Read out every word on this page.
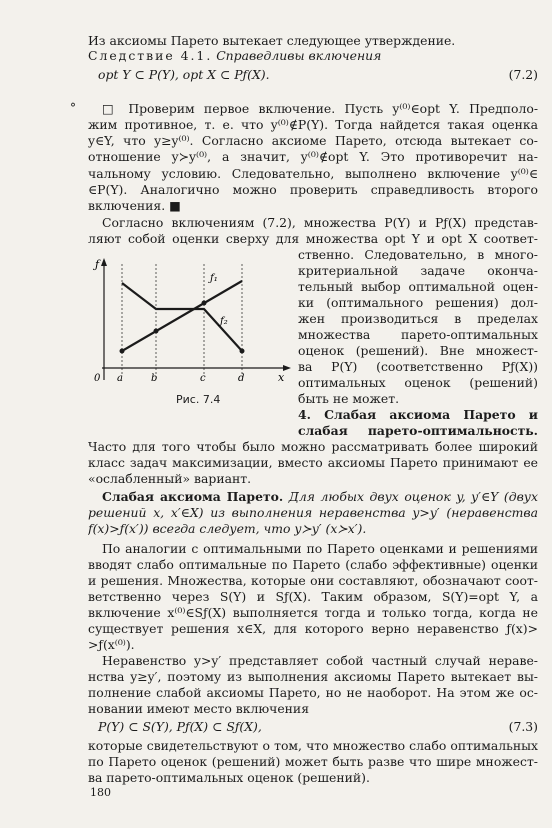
Из аксиомы Парето вытекает следующее утверждение.
Следствие 4.1. Справедливы включения
opt Y ⊂ P(Y), opt X ⊂ Pƒ(X).	(7.2)
°	□ Проверим первое включение. Пусть y⁽⁰⁾∈opt Y. Предполо-
жим противное, т. е. что y⁽⁰⁾∉P(Y). Тогда найдется такая оценка
y∈Y, что y≥y⁽⁰⁾. Согласно аксиоме Парето, отсюда вытекает со-
отношение y≻y⁽⁰⁾, а значит, y⁽⁰⁾∉opt Y. Это противоречит на-
чальному условию. Следовательно, выполнено включение y⁽⁰⁾∈
∈P(Y). Аналогично можно проверить справедливость второго
включения. ■
Согласно включениям (7.2), множества P(Y) и Pƒ(X) представ-
ляют собой оценки сверху для множества opt Y и opt X соответ-
ƒ
x
0 a	b	c	d
ƒ₁
ƒ₂
Рис. 7.4
ственно. Следовательно, в много-
критериальной задаче оконча-
тельный выбор оптимальной оцен-
ки (оптимального решения) дол-
жен производиться в пределах
множества парето-оптимальных
оценок (решений). Вне множест-
ва P(Y) (соответственно Pƒ(X))
оптимальных оценок (решений)
быть не может.
4. Слабая аксиома Парето и
слабая парето-оптимальность.
Часто для того чтобы было можно рассматривать более широкий
класс задач максимизации, вместо аксиомы Парето принимают ее
«ослабленный» вариант.
Слабая аксиома Парето. Для любых двух оценок y, y′∈Y (двух
решений x, x′∈X) из выполнения неравенства y>y′ (неравенства
ƒ(x)>ƒ(x′)) всегда следует, что y≻y′ (x≻x′).
По аналогии с оптимальными по Парето оценками и решениями
вводят слабо оптимальные по Парето (слабо эффективные) оценки
и решения. Множества, которые они составляют, обозначают соот-
ветственно через S(Y) и Sƒ(X). Таким образом, S(Y)=opt Y, а
включение x⁽⁰⁾∈Sƒ(X) выполняется тогда и только тогда, когда не
существует решения x∈X, для которого верно неравенство ƒ(x)>
>ƒ(x⁽⁰⁾).
Неравенство y>y′ представляет собой частный случай нераве-
нства y≥y′, поэтому из выполнения аксиомы Парето вытекает вы-
полнение слабой аксиомы Парето, но не наоборот. На этом же ос-
новании имеют место включения
P(Y) ⊂ S(Y), Pƒ(X) ⊂ Sƒ(X),	(7.3)
которые свидетельствуют о том, что множество слабо оптимальных
по Парето оценок (решений) может быть разве что шире множест-
ва парето-оптимальных оценок (решений).
180
